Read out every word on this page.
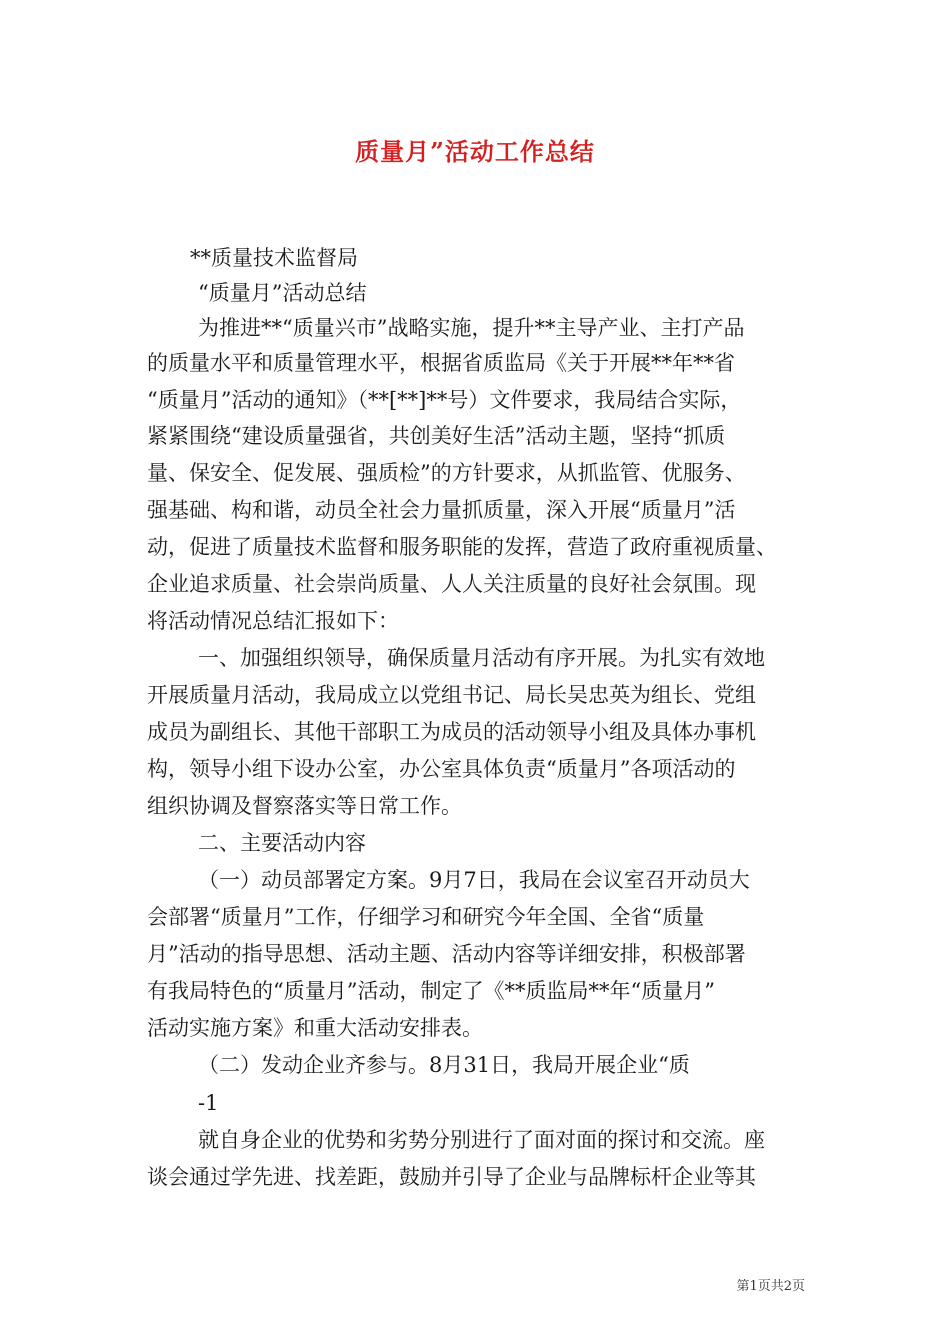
质量月”活动工作总结
**质量技术监督局
“质量月”活动总结
为推进**“质量兴市”战略实施，提升**主导产业、主打产品
的质量水平和质量管理水平，根据省质监局《关于开展**年**省
“质量月”活动的通知》（**[**]**号）文件要求，我局结合实际，
紧紧围绕“建设质量强省，共创美好生活”活动主题，坚持“抓质
量、保安全、促发展、强质检”的方针要求，从抓监管、优服务、
强基础、构和谐，动员全社会力量抓质量，深入开展“质量月”活
动，促进了质量技术监督和服务职能的发挥，营造了政府重视质量、
企业追求质量、社会崇尚质量、人人关注质量的良好社会氛围。现
将活动情况总结汇报如下：
一、加强组织领导，确保质量月活动有序开展。为扎实有效地
开展质量月活动，我局成立以党组书记、局长吴忠英为组长、党组
成员为副组长、其他干部职工为成员的活动领导小组及具体办事机
构，领导小组下设办公室，办公室具体负责“质量月”各项活动的
组织协调及督察落实等日常工作。
二、主要活动内容
（一）动员部署定方案。9月7日，我局在会议室召开动员大
会部署“质量月”工作，仔细学习和研究今年全国、全省“质量
月”活动的指导思想、活动主题、活动内容等详细安排，积极部署
有我局特色的“质量月”活动，制定了《**质监局**年“质量月”
活动实施方案》和重大活动安排表。
（二）发动企业齐参与。8月31日，我局开展企业“质
-1
就自身企业的优势和劣势分别进行了面对面的探讨和交流。座
谈会通过学先进、找差距，鼓励并引导了企业与品牌标杆企业等其
第1页共2页
